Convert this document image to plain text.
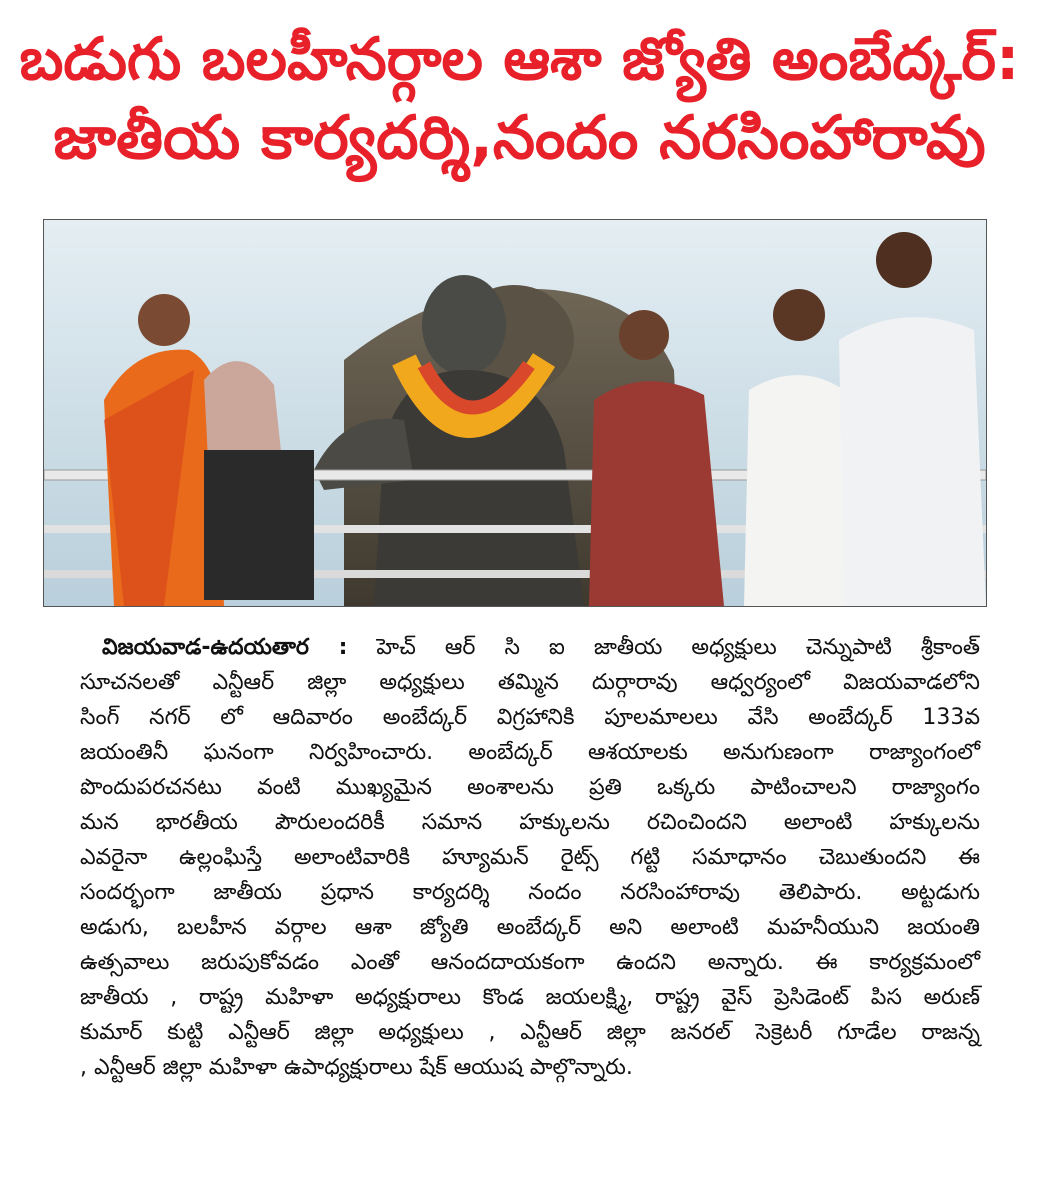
బడుగు బలహీనర్గాల ఆశా జ్యోతి అంబేద్కర్:
జాతీయ కార్యదర్శి,నందం నరసింహారావు
విజయవాడ-ఉదయతార : హెచ్ ఆర్ సి ఐ జాతీయ అధ్యక్షులు చెన్నుపాటి శ్రీకాంత్
సూచనలతో ఎన్టీఆర్ జిల్లా అధ్యక్షులు తమ్మిన దుర్గారావు ఆధ్వర్యంలో విజయవాడలోని
సింగ్ నగర్ లో ఆదివారం అంబేద్కర్ విగ్రహానికి పూలమాలలు వేసి అంబేద్కర్ 133వ
జయంతినీ ఘనంగా నిర్వహించారు. అంబేద్కర్ ఆశయాలకు అనుగుణంగా రాజ్యాంగంలో
పొందుపరచనటు వంటి ముఖ్యమైన అంశాలను ప్రతి ఒక్కరు పాటించాలని రాజ్యాంగం
మన భారతీయ పౌరులందరికీ సమాన హక్కులను రచించిందని అలాంటి హక్కులను
ఎవరైనా ఉల్లంఘిస్తే అలాంటివారికి హ్యూమన్ రైట్స్ గట్టి సమాధానం చెబుతుందని ఈ
సందర్భంగా జాతీయ ప్రధాన కార్యదర్శి నందం నరసింహారావు తెలిపారు. అట్టడుగు
అడుగు, బలహీన వర్గాల ఆశా జ్యోతి అంబేద్కర్ అని అలాంటి మహనీయుని జయంతి
ఉత్సవాలు జరుపుకోవడం ఎంతో ఆనందదాయకంగా ఉందని అన్నారు. ఈ కార్యక్రమంలో
జాతీయ , రాష్ట్ర మహిళా అధ్యక్షురాలు కొండ జయలక్ష్మి, రాష్ట్ర వైస్ ప్రెసిడెంట్ పిస అరుణ్
కుమార్ కుట్టి ఎన్టీఆర్ జిల్లా అధ్యక్షులు , ఎన్టీఆర్ జిల్లా జనరల్ సెక్రెటరీ గూడేల రాజన్న
, ఎన్టీఆర్ జిల్లా మహిళా ఉపాధ్యక్షురాలు షేక్ ఆయుష పాల్గొన్నారు.
